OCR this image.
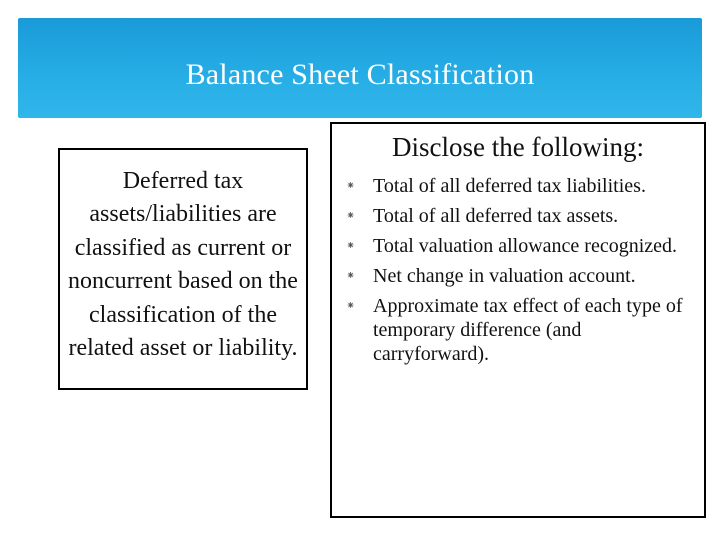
Balance Sheet Classification
Deferred tax assets/liabilities are classified as current or noncurrent based on the classification of the related asset or liability.
Disclose the following:
⁕ Total of all deferred tax liabilities.
⁕ Total of all deferred tax assets.
⁕ Total valuation allowance recognized.
⁕ Net change in valuation account.
⁕ Approximate tax effect of each type of temporary difference (and carryforward).
